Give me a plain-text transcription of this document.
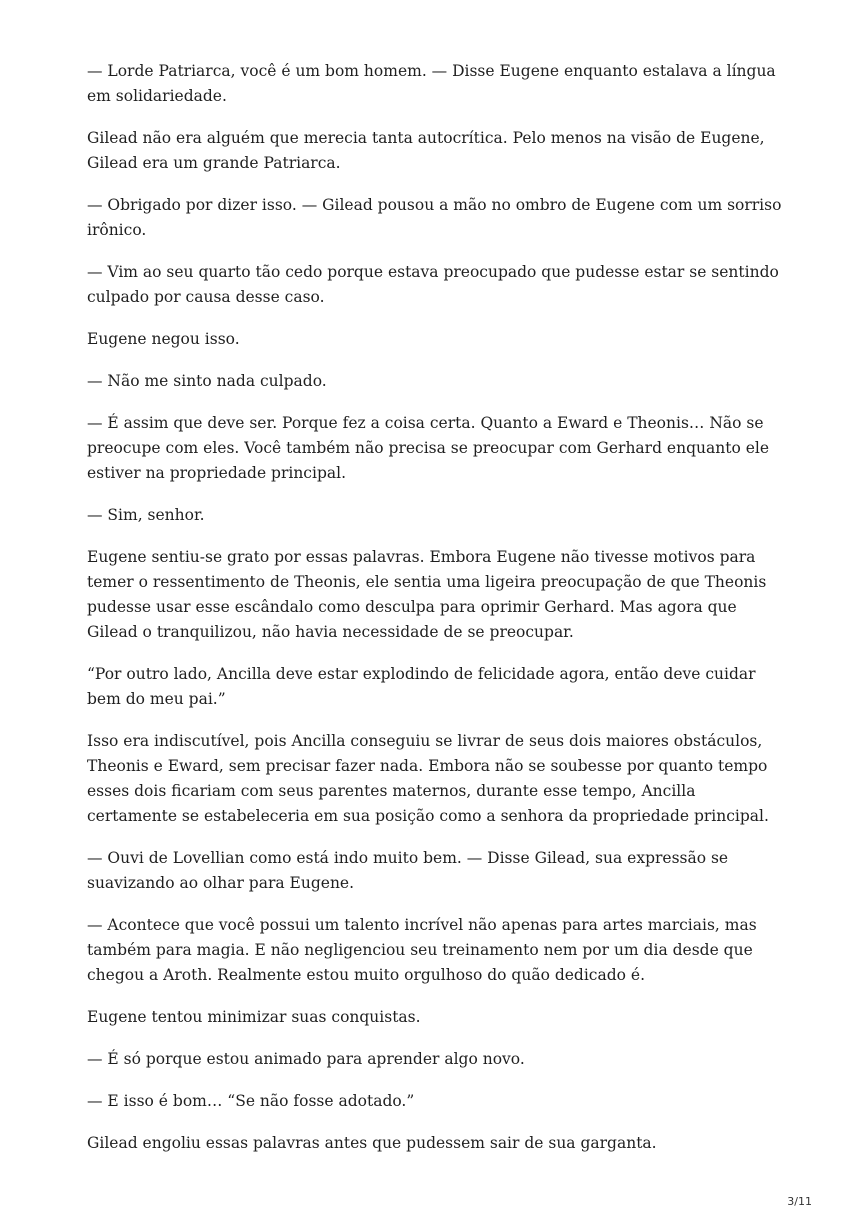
— Lorde Patriarca, você é um bom homem. — Disse Eugene enquanto estalava a língua em solidariedade.

Gilead não era alguém que merecia tanta autocrítica. Pelo menos na visão de Eugene, Gilead era um grande Patriarca.

— Obrigado por dizer isso. — Gilead pousou a mão no ombro de Eugene com um sorriso irônico.

— Vim ao seu quarto tão cedo porque estava preocupado que pudesse estar se sentindo culpado por causa desse caso.

Eugene negou isso.

— Não me sinto nada culpado.

— É assim que deve ser. Porque fez a coisa certa. Quanto a Eward e Theonis… Não se preocupe com eles. Você também não precisa se preocupar com Gerhard enquanto ele estiver na propriedade principal.

— Sim, senhor.

Eugene sentiu-se grato por essas palavras. Embora Eugene não tivesse motivos para temer o ressentimento de Theonis, ele sentia uma ligeira preocupação de que Theonis pudesse usar esse escândalo como desculpa para oprimir Gerhard. Mas agora que Gilead o tranquilizou, não havia necessidade de se preocupar.

“Por outro lado, Ancilla deve estar explodindo de felicidade agora, então deve cuidar bem do meu pai.”

Isso era indiscutível, pois Ancilla conseguiu se livrar de seus dois maiores obstáculos, Theonis e Eward, sem precisar fazer nada. Embora não se soubesse por quanto tempo esses dois ficariam com seus parentes maternos, durante esse tempo, Ancilla certamente se estabeleceria em sua posição como a senhora da propriedade principal.

— Ouvi de Lovellian como está indo muito bem. — Disse Gilead, sua expressão se suavizando ao olhar para Eugene.

— Acontece que você possui um talento incrível não apenas para artes marciais, mas também para magia. E não negligenciou seu treinamento nem por um dia desde que chegou a Aroth. Realmente estou muito orgulhoso do quão dedicado é.

Eugene tentou minimizar suas conquistas.

— É só porque estou animado para aprender algo novo.

— E isso é bom… “Se não fosse adotado.”

Gilead engoliu essas palavras antes que pudessem sair de sua garganta.

3/11
